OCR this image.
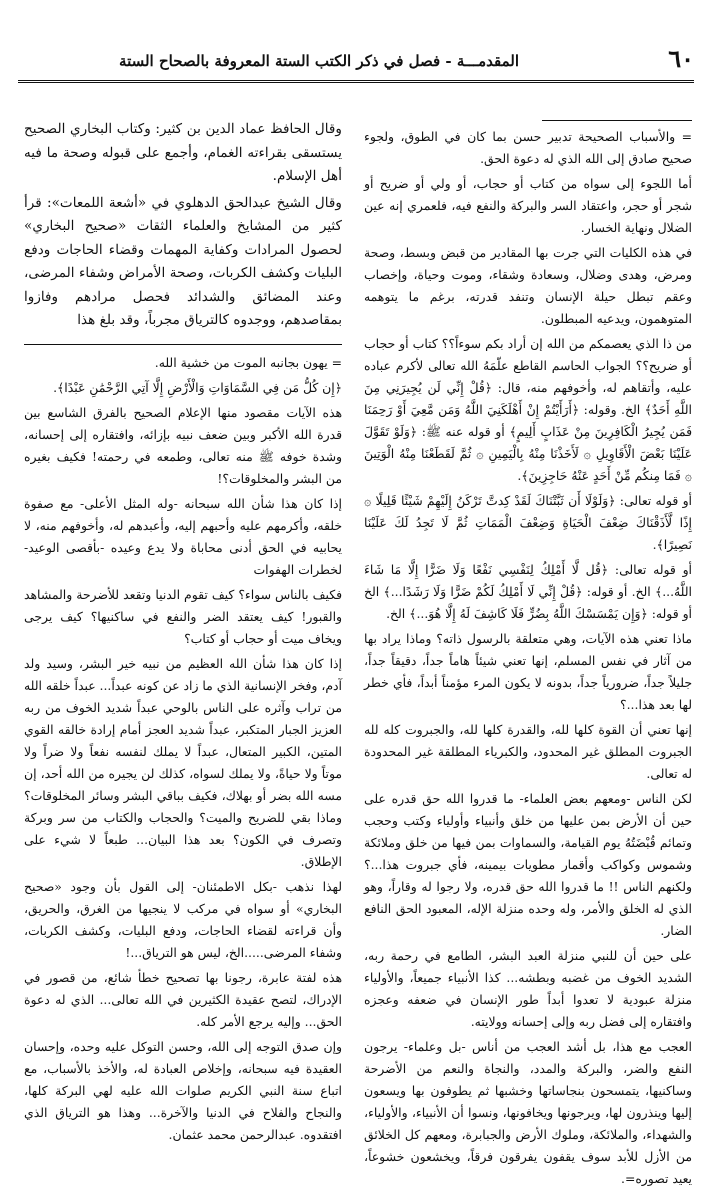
٦٠
المقدمـــة - فصل في ذكر الكتب الستة المعروفة بالصحاح الستة

= والأسباب الصحيحة تدبير حسن بما كان في الطوق، ولجوء صحيح صادق إلى الله الذي له دعوة الحق.

أما اللجوء إلى سواه من كتاب أو حجاب، أو ولي أو ضريح أو شجر أو حجر، واعتقاد السر والبركة والنفع فيه، فلعمري إنه عين الضلال ونهاية الخسار.

في هذه الكليات التي جرت بها المقادير من قبض وبسط، وصحة ومرض، وهدى وضلال، وسعادة وشقاء، وموت وحياة، وإخصاب وعقم تبطل حيلة الإنسان وتنفد قدرته، برغم ما يتوهمه المتوهمون، ويدعيه المبطلون.

من ذا الذي يعصمكم من الله إن أراد بكم سوءاً؟؟ كتاب أو حجاب أو ضريح؟؟ الجواب الحاسم القاطع علّمَهُ الله تعالى لأكرم عباده عليه، وأتقاهم له، وأخوفهم منه، قال: ﴿قُلْ إِنِّي لَن يُجِيرَنِي مِنَ اللَّهِ أَحَدٌ﴾ الخ. وقوله: ﴿أَرَأَيْتُمْ إِنْ أَهْلَكَنِيَ اللَّهُ وَمَن مَّعِيَ أَوْ رَحِمَنَا فَمَن يُجِيرُ الْكَافِرِينَ مِنْ عَذَابٍ أَلِيمٍ﴾ أو قوله عنه ﷺ: ﴿وَلَوْ تَقَوَّلَ عَلَيْنَا بَعْضَ الْأَقَاوِيلِ ۞ لَأَخَذْنَا مِنْهُ بِالْيَمِينِ ۞ ثُمَّ لَقَطَعْنَا مِنْهُ الْوَتِينَ ۞ فَمَا مِنكُم مِّنْ أَحَدٍ عَنْهُ حَاجِزِينَ﴾.

أو قوله تعالى: ﴿وَلَوْلَا أَن ثَبَّتْنَاكَ لَقَدْ كِدتَّ تَرْكَنُ إِلَيْهِمْ شَيْئًا قَلِيلًا ۞ إِذًا لَّأَذَقْنَاكَ ضِعْفَ الْحَيَاةِ وَضِعْفَ الْمَمَاتِ ثُمَّ لَا تَجِدُ لَكَ عَلَيْنَا نَصِيرًا﴾.

أو قوله تعالى: ﴿قُل لَّا أَمْلِكُ لِنَفْسِي نَفْعًا وَلَا ضَرًّا إِلَّا مَا شَاءَ اللَّهُ...﴾ الخ. أو قوله: ﴿قُلْ إِنِّي لَا أَمْلِكُ لَكُمْ ضَرًّا وَلَا رَشَدًا...﴾ الخ أو قوله: ﴿وَإِن يَمْسَسْكَ اللَّهُ بِضُرٍّ فَلَا كَاشِفَ لَهُ إِلَّا هُوَ...﴾ الخ.

ماذا تعني هذه الآيات، وهي متعلقة بالرسول ذاته؟ وماذا يراد بها من آثار في نفس المسلم، إنها تعني شيئاً هاماً جداً، دقيقاً جداً، جليلاً جداً، ضرورياً جداً، بدونه لا يكون المرء مؤمناً أبداً، فأي خطر لها بعد هذا...؟

إنها تعني أن القوة كلها لله، والقدرة كلها لله، والجبروت كله لله الجبروت المطلق غير المحدود، والكبرياء المطلقة غير المحدودة له تعالى.

لكن الناس -ومعهم بعض العلماء- ما قدروا الله حق قدره على حين أن الأرض بمن عليها من خلق وأنبياء وأولياء وكتب وحجب وتمائم قُبْضَتُهُ يوم القيامة، والسماوات بمن فيها من خلق وملائكة وشموس وكواكب وأقمار مطويات بيمينه، فأي جبروت هذا...؟ ولكنهم الناس !! ما قدروا الله حق قدره، ولا رجوا له وقاراً، وهو الذي له الخلق والأمر، وله وحده منزلة الإله، المعبود الحق النافع الضار.

على حين أن للنبي منزلة العبد البشر، الطامع في رحمة ربه، الشديد الخوف من غضبه وبطشه... كذا الأنبياء جميعاً، والأولياء منزلة عبودية لا تعدوا أبداً طور الإنسان في ضعفه وعجزه وافتقاره إلى فضل ربه وإلى إحسانه وولايته.

العجب مع هذا، بل أشد العجب من أناس -بل وعلماء- يرجون النفع والضر، والبركة والمدد، والنجاة والنعم من الأضرحة وساكنيها، يتمسحون بنجاساتها وخشبها ثم يطوفون بها ويسعون إليها وينذرون لها، ويرجونها ويخافونها، ونسوا أن الأنبياء، والأولياء، والشهداء، والملائكة، وملوك الأرض والجبابرة، ومعهم كل الخلائق من الأزل للأبد سوف يقفون يفرقون فرقاً، ويخشعون خشوعاً، يعيد تصوره=.

وقال الحافظ عماد الدين بن كثير: وكتاب البخاري الصحيح يستسقى بقراءته الغمام، وأجمع على قبوله وصحة ما فيه أهل الإسلام.

وقال الشيخ عبدالحق الدهلوي في «أشعة اللمعات»: قرأ كثير من المشايخ والعلماء الثقات «صحيح البخاري» لحصول المرادات وكفاية المهمات وقضاء الحاجات ودفع البليات وكشف الكربات، وصحة الأمراض وشفاء المرضى، وعند المضائق والشدائد فحصل مرادهم وفازوا بمقاصدهم، ووجدوه كالترياق مجرباً، وقد بلغ هذا

= يهون بجانبه الموت من خشية الله.

﴿إِن كُلُّ مَن فِي السَّمَاوَاتِ وَالْأَرْضِ إِلَّا آتِي الرَّحْمَٰنِ عَبْدًا﴾.

هذه الآيات مقصود منها الإعلام الصحيح بالفرق الشاسع بين قدرة الله الأكبر وبين ضعف نبيه بإزائه، وافتقاره إلى إحسانه، وشدة خوفه ﷺ منه تعالى، وطمعه في رحمته! فكيف بغيره من البشر والمخلوقات؟!

إذا كان هذا شأن الله سبحانه -وله المثل الأعلى- مع صفوة خلقه، وأكرمهم عليه وأحبهم إليه، وأعبدهم له، وأخوفهم منه، لا يحابيه في الحق أدنى محاباة ولا يدع وعيده -بأقصى الوعيد- لخطرات الهفوات

فكيف بالناس سواء؟ كيف تقوم الدنيا وتقعد للأضرحة والمشاهد والقبور! كيف يعتقد الضر والنفع في ساكنيها؟ كيف يرجى ويخاف ميت أو حجاب أو كتاب؟

إذا كان هذا شأن الله العظيم من نبيه خير البشر، وسيد ولد آدم، وفخر الإنسانية الذي ما زاد عن كونه عبداً... عبداً خلقه الله من تراب وآثره على الناس بالوحي عبداً شديد الخوف من ربه العزيز الجبار المتكبر، عبداً شديد العجز أمام إرادة خالقه القوي المتين، الكبير المتعال، عبداً لا يملك لنفسه نفعاً ولا ضراً ولا موتاً ولا حياةً، ولا يملك لسواه، كذلك لن يجيره من الله أحد، إن مسه الله بضر أو بهلاك، فكيف بباقي البشر وسائر المخلوقات؟ وماذا بقي للضريح والميت؟ والحجاب والكتاب من سر وبركة وتصرف في الكون؟ بعد هذا البيان... طبعاً لا شيء على الإطلاق.

لهذا نذهب -بكل الاطمئنان- إلى القول بأن وجود «صحيح البخاري» أو سواه في مركب لا ينجيها من الغرق، والحريق، وأن قراءته لقضاء الحاجات، ودفع البليات، وكشف الكربات، وشفاء المرضى.....الخ، ليس هو الترياق...!

هذه لفتة عابرة، رجونا بها تصحيح خطأ شائع، من قصور في الإدراك، لتصح عقيدة الكثيرين في الله تعالى... الذي له دعوة الحق... وإليه يرجع الأمر كله.

وإن صدق التوجه إلى الله، وحسن التوكل عليه وحده، وإحسان العقيدة فيه سبحانه، وإخلاص العبادة له، والأخذ بالأسباب، مع اتباع سنة النبي الكريم صلوات الله عليه لهي البركة كلها، والنجاح والفلاح في الدنيا والآخرة... وهذا هو الترياق الذي افتقدوه. عبدالرحمن محمد عثمان.
